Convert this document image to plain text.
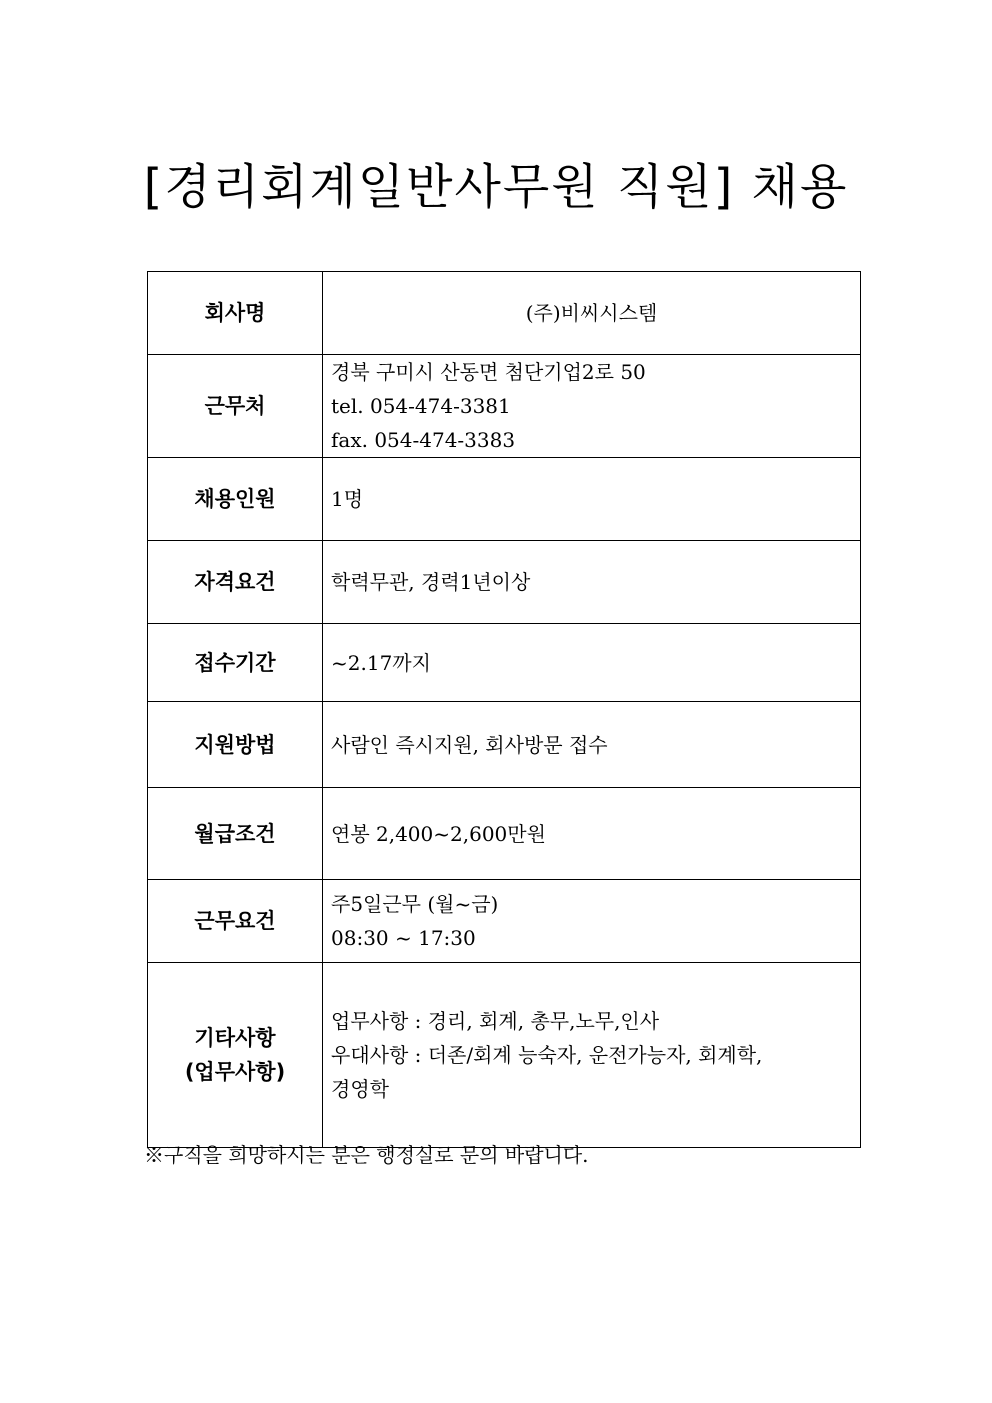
[경리회계일반사무원 직원] 채용
회사명	(주)비씨시스템

근무처	경북 구미시 산동면 첨단기업2로 50
tel. 054-474-3381
fax. 054-474-3383

채용인원	1명

자격요건	학력무관, 경력1년이상

접수기간	~2.17까지

지원방법	사람인 즉시지원, 회사방문 접수

월급조건	연봉 2,400~2,600만원

근무요건	주5일근무 (월~금)
08:30 ~ 17:30

기타사항
(업무사항)	업무사항 : 경리, 회계, 총무,노무,인사
우대사항 : 더존/회계 능숙자, 운전가능자, 회계학,
경영학
※구직을 희망하시는 분은 행정실로 문의 바랍니다.
